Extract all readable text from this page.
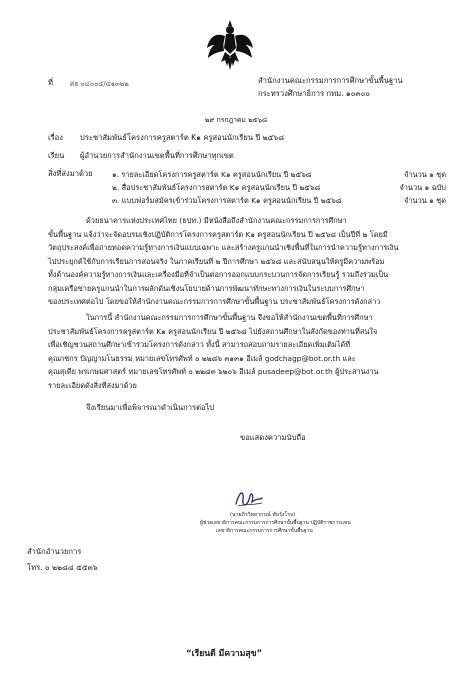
ที่ ศธ ๐๔๐๐๔/๔๑๓๒๒	สำนักงานคณะกรรมการการศึกษาขั้นพื้นฐาน
กระทรวงศึกษาธิการ กทม. ๑๐๓๐๐
๒๙ กรกฎาคม ๒๕๖๘
เรื่อง ประชาสัมพันธ์โครงการครูสตาร์ต K๑ ครูสอนนักเรียน ปี ๒๕๖๘
เรียน ผู้อำนวยการสำนักงานเขตพื้นที่การศึกษาทุกเขต
สิ่งที่ส่งมาด้วย	๑. รายละเอียดโครงการครูสตาร์ต K๑ ครูสอนนักเรียน ปี ๒๕๖๘	จำนวน ๑ ชุด
๒. สื่อประชาสัมพันธ์โครงการสตาร์ต K๑ ครูสอนนักเรียน ปี ๒๕๖๘	จำนวน ๑ ฉบับ
๓. แบบฟอร์มสมัครเข้าร่วมโครงการสตาร์ต K๑ ครูสอนนักเรียน ปี ๒๕๖๘	จำนวน ๑ ชุด
ด้วยธนาคารแห่งประเทศไทย (ธปท.) มีหนังสือถึงสำนักงานคณะกรรมการการศึกษา
ขั้นพื้นฐาน แจ้งว่าจะจัดอบรมเชิงปฏิบัติการโครงการครูสตาร์ต K๑ ครูสอนนักเรียน ปี ๒๕๖๘ เป็นปีที่ ๒ โดยมี
วัตถุประสงค์เพื่อถ่ายทอดความรู้ทางการเงินแบบเฉพาะ และสร้างครูแกนนำเชิงพื้นที่ในการนำความรู้ทางการเงิน
ไปประยุกต์ใช้กับการเรียนการสอนจริง ในภาคเรียนที่ ๒ ปีการศึกษา ๒๕๖๘ และสนับสนุนให้ครูมีความพร้อม
ทั้งด้านองค์ความรู้ทางการเงินและเครื่องมือที่จำเป็นต่อการออกแบบกระบวนการจัดการเรียนรู้ รวมถึงร่วมเป็น
กลุ่มเครือข่ายครูแกนนำในการผลักดันเชิงนโยบายด้านการพัฒนาทักษะทางการเงินในระบบการศึกษา
ของประเทศต่อไป โดยขอให้สำนักงานคณะกรรมการการศึกษาขั้นพื้นฐาน ประชาสัมพันธ์โครงการดังกล่าว
ในการนี้ สำนักงานคณะกรรมการการศึกษาขั้นพื้นฐาน จึงขอให้สำนักงานเขตพื้นที่การศึกษา
ประชาสัมพันธ์โครงการครูสตาร์ต K๑ ครูสอนนักเรียน ปี ๒๕๖๘ ไปยังสถานศึกษาในสังกัดของท่านที่สนใจ
เพื่อเชิญชวนสถานศึกษาเข้าร่วมโครงการดังกล่าว ทั้งนี้ สามารถสอบถามรายละเอียดเพิ่มเติมได้ที่
คุณกชกร ปัญญามโนธรรม หมายเลขโทรศัพท์ ๐ ๒๒๘๖ ๓๑๓๑ อีเมล์ godchagp@bot.or.th และ
คุณสุเดีย พรเกษมศาสตร์ หมายเลขโทรศัพท์ ๐ ๒๒๘๓ ๖๒๐๖ อีเมล์ pusadeep@bot.or.th ผู้ประสานงาน
รายละเอียดดังสิ่งที่ส่งมาด้วย
จึงเรียนมาเพื่อพิจารณาดำเนินการต่อไป
ขอแสดงความนับถือ
(นายภิรวิทยากรณ์ ทับรุ้งโรจ)
ผู้ช่วยเลขาธิการคณะกรรมการการศึกษาขั้นพื้นฐาน ปฏิบัติราชการแทน
เลขาธิการคณะกรรมการการศึกษาขั้นพื้นฐาน
สำนักอำนวยการ
โทร. ๐ ๒๒๘๘ ๕๕๓๖
“เรียนดี มีความสุข”
